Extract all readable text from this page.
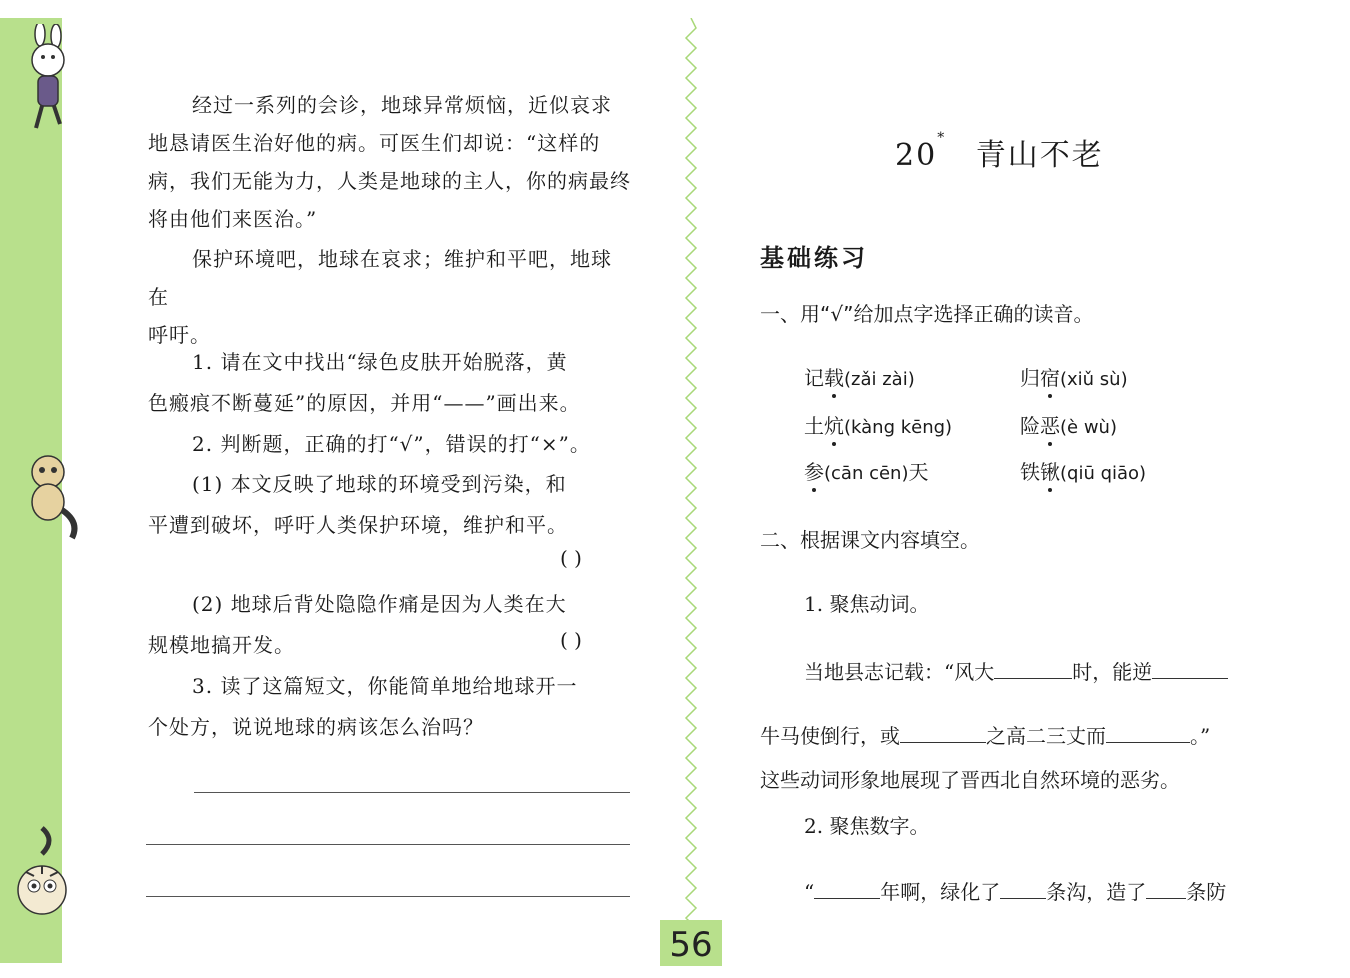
经过一系列的会诊，地球异常烦恼，近似哀求
地恳请医生治好他的病。可医生们却说：“这样的
病，我们无能为力，人类是地球的主人，你的病最终
将由他们来医治。”
保护环境吧，地球在哀求；维护和平吧，地球在
呼吁。
1. 请在文中找出“绿色皮肤开始脱落，黄
色瘢痕不断蔓延”的原因，并用“——”画出来。
2. 判断题，正确的打“√”，错误的打“×”。
(1) 本文反映了地球的环境受到污染，和
平遭到破坏，呼吁人类保护环境，维护和平。
( )
(2) 地球后背处隐隐作痛是因为人类在大
规模地搞开发。	( )
3. 读了这篇短文，你能简单地给地球开一
个处方，说说地球的病该怎么治吗？
20* 青山不老
基础练习
一、用“√”给加点字选择正确的读音。
记载(zǎi zài)	归宿(xiǔ sù)
土炕(kàng kēng)	险恶(è wù)
参(cān cēn)天	铁锹(qiū qiāo)
二、根据课文内容填空。
1. 聚焦动词。
当地县志记载：“风大	时，能逆
牛马使倒行，或	之高二三丈而	。”
这些动词形象地展现了晋西北自然环境的恶劣。
2. 聚焦数字。
“	年啊，绿化了 条沟，造了 条防
56
